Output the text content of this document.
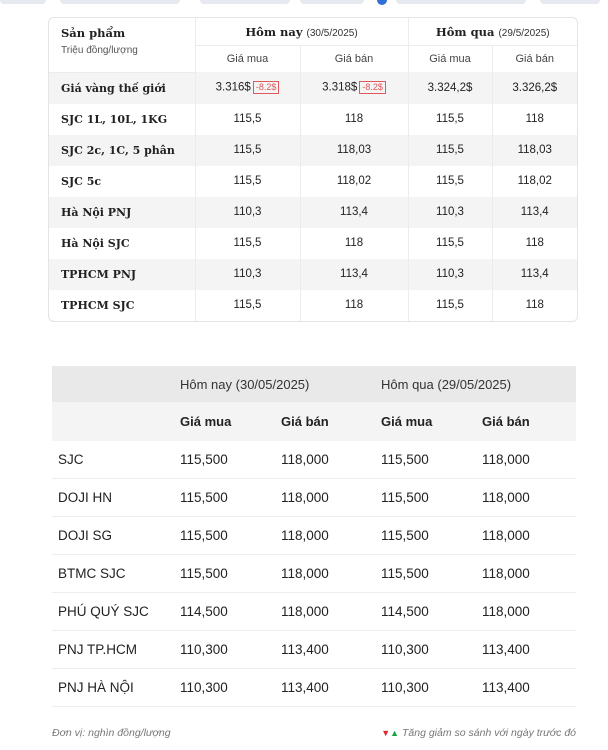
Sản phẩm
Triệu đồng/lượng	Hôm nay (30/5/2025)		Hôm qua (29/5/2025)	
	Giá mua	Giá bán	Giá mua	Giá bán
Giá vàng thế giới	3.316$ -8.2$	3.318$ -8.2$	3.324,2$	3.326,2$
SJC 1L, 10L, 1KG	115,5	118	115,5	118
SJC 2c, 1C, 5 phân	115,5	118,03	115,5	118,03
SJC 5c	115,5	118,02	115,5	118,02
Hà Nội PNJ	110,3	113,4	110,3	113,4
Hà Nội SJC	115,5	118	115,5	118
TPHCM PNJ	110,3	113,4	110,3	113,4
TPHCM SJC	115,5	118	115,5	118
	Hôm nay (30/05/2025)		Hôm qua (29/05/2025)	
	Giá mua	Giá bán	Giá mua	Giá bán
SJC	115,500	118,000	115,500	118,000
DOJI HN	115,500	118,000	115,500	118,000
DOJI SG	115,500	118,000	115,500	118,000
BTMC SJC	115,500	118,000	115,500	118,000
PHÚ QUÝ SJC	114,500	118,000	114,500	118,000
PNJ TP.HCM	110,300	113,400	110,300	113,400
PNJ HÀ NỘI	110,300	113,400	110,300	113,400
Đơn vị: nghìn đồng/lượng	▼▲ Tăng giảm so sánh với ngày trước đó
